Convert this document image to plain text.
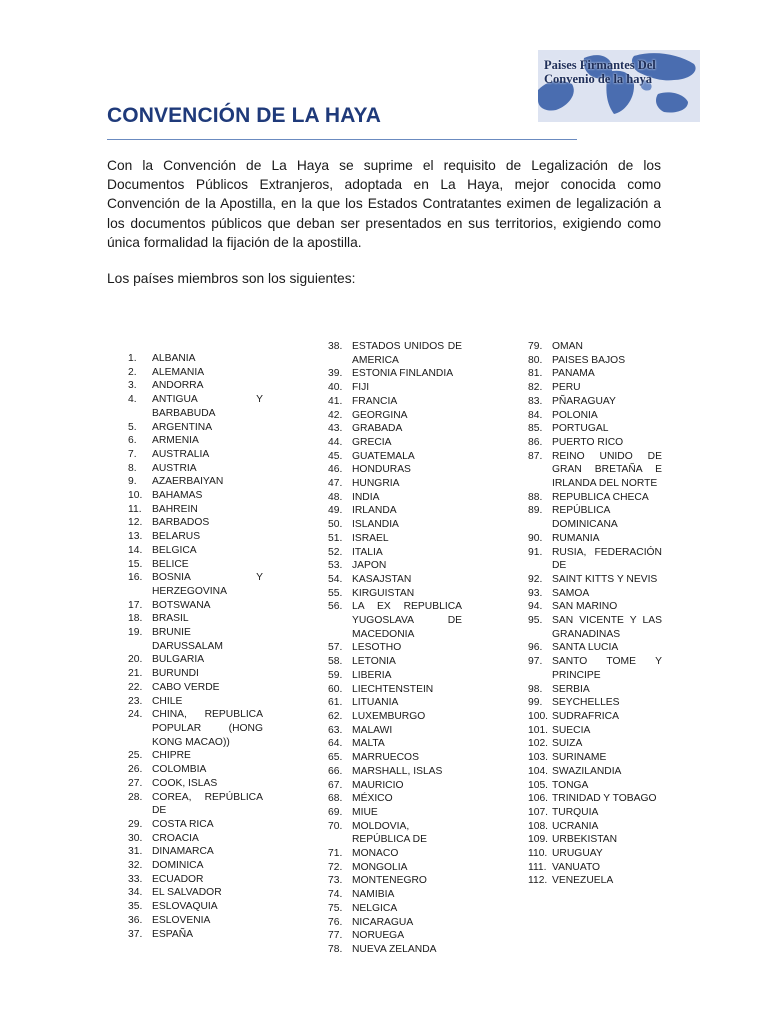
Paises Firmantes Del Convenio de la haya
CONVENCIÓN DE LA HAYA

Con la Convención de La Haya se suprime el requisito de Legalización de los Documentos Públicos Extranjeros, adoptada en La Haya, mejor conocida como Convención de la Apostilla, en la que los Estados Contratantes eximen de legalización a los documentos públicos que deban ser presentados en sus territorios, exigiendo como única formalidad la fijación de la apostilla.

Los países miembros son los siguientes:

1.	ALBANIA
2.	ALEMANIA
3.	ANDORRA
4.	ANTIGUA Y BARBABUDA
5.	ARGENTINA
6.	ARMENIA
7.	AUSTRALIA
8.	AUSTRIA
9.	AZAERBAIYAN
10. BAHAMAS
11.	BAHREIN
12. BARBADOS
13. BELARUS
14. BELGICA
15. BELICE
16. BOSNIA Y HERZEGOVINA
17. BOTSWANA
18. BRASIL
19. BRUNIE DARUSSALAM
20. BULGARIA
21. BURUNDI
22. CABO VERDE
23. CHILE
24. CHINA, REPUBLICA POPULAR (HONG KONG MACAO))
25. CHIPRE
26. COLOMBIA
27. COOK, ISLAS
28. COREA, REPÚBLICA DE
29. COSTA RICA
30. CROACIA
31. DINAMARCA
32. DOMINICA
33. ECUADOR
34. EL SALVADOR
35. ESLOVAQUIA
36. ESLOVENIA
37. ESPAÑA
38. ESTADOS UNIDOS DE AMERICA
39. ESTONIA FINLANDIA
40. FIJI
41. FRANCIA
42. GEORGINA
43. GRABADA
44. GRECIA
45. GUATEMALA
46. HONDURAS
47. HUNGRIA
48. INDIA
49. IRLANDA
50. ISLANDIA
51. ISRAEL
52. ITALIA
53. JAPON
54. KASAJSTAN
55. KIRGUISTAN
56. LA EX REPUBLICA YUGOSLAVA DE MACEDONIA
57. LESOTHO
58. LETONIA
59. LIBERIA
60. LIECHTENSTEIN
61. LITUANIA
62. LUXEMBURGO
63. MALAWI
64. MALTA
65. MARRUECOS
66. MARSHALL, ISLAS
67. MAURICIO
68. MÉXICO
69. MIUE
70. MOLDOVIA, REPÚBLICA DE
71. MONACO
72. MONGOLIA
73. MONTENEGRO
74. NAMIBIA
75. NELGICA
76. NICARAGUA
77. NORUEGA
78. NUEVA ZELANDA
79. OMAN
80. PAISES BAJOS
81. PANAMA
82. PERU
83. PÑARAGUAY
84. POLONIA
85. PORTUGAL
86. PUERTO RICO
87. REINO UNIDO DE GRAN BRETAÑA E IRLANDA DEL NORTE
88. REPUBLICA CHECA
89. REPÚBLICA DOMINICANA
90. RUMANIA
91. RUSIA, FEDERACIÓN DE
92. SAINT KITTS Y NEVIS
93. SAMOA
94. SAN MARINO
95. SAN VICENTE Y LAS GRANADINAS
96. SANTA LUCIA
97. SANTO TOME Y PRINCIPE
98. SERBIA
99. SEYCHELLES
100. SUDRAFRICA
101. SUECIA
102. SUIZA
103. SURINAME
104. SWAZILANDIA
105. TONGA
106. TRINIDAD Y TOBAGO
107. TURQUIA
108. UCRANIA
109. URBEKISTAN
110. URUGUAY
111. VANUATO
112. VENEZUELA
